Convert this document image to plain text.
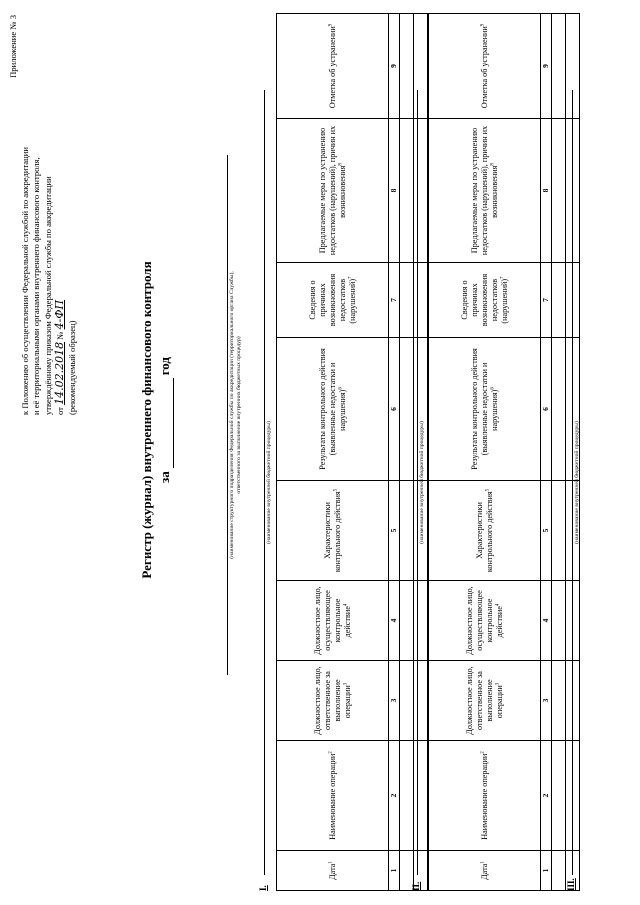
Приложение № 3
к Положению об осуществлении Федеральной службой по аккредитации и её территориальными органами внутреннего финансового контроля, утверждённому приказом Федеральной службы по аккредитации от 14.02.2018 № 4-ФП
(рекомендуемый образец)	Регистр (журнал) внутреннего финансового контроля загод	(наименование структурного подразделения Федеральной службы по аккредитации (территориального органа Службы), ответственного за выполнение внутренних бюджетных процедур)
I.
(наименование внутренней бюджетной процедуры)
Дата$^1$	Наименование операции$^2$	Должностное лицо, ответственное за выполнение операции$^3$	Должностное лицо, осуществляющее контрольное действие$^4$	Характеристики контрольного действия$^5$	Результаты контрольного действия (выявленные недостатки и нарушения)$^6$	Сведения о причинах возникновения недостатков (нарушений)$^7$	Предлагаемые меры по устранению недостатков (нарушений), причин их возникновения$^8$	Отметка об устранении$^9$
1	2	3	4	5	6	7	8	9

II.
(наименование внутренней бюджетной процедуры)
Дата$^1$	Наименование операции$^2$	Должностное лицо, ответственное за выполнение операции$^3$	Должностное лицо, осуществляющее контрольное действие$^4$	Характеристики контрольного действия$^5$	Результаты контрольного действия (выявленные недостатки и нарушения)$^6$	Сведения о причинах возникновения недостатков (нарушений)$^7$	Предлагаемые меры по устранению недостатков (нарушений), причин их возникновения$^8$	Отметка об устранении$^9$
1	2	3	4	5	6	7	8	9

III.
(наименование внутренней бюджетной процедуры)
